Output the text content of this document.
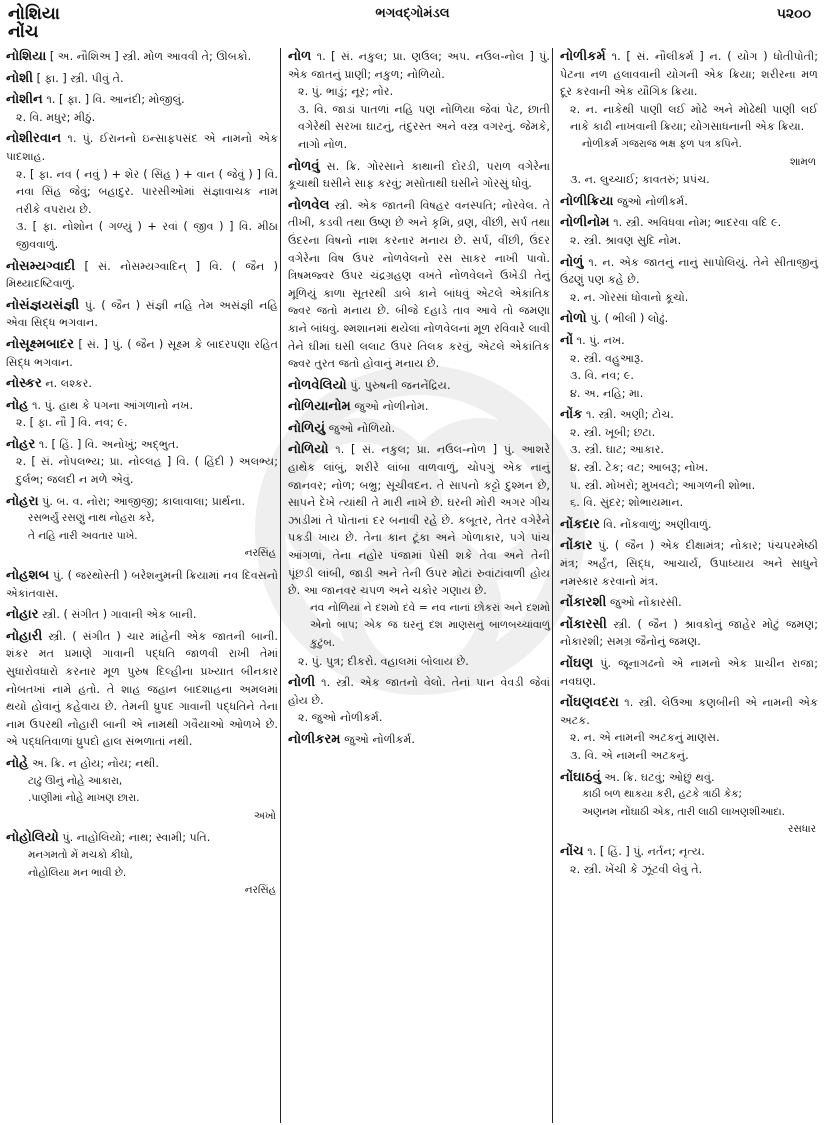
નોશિયા
નોંચ
ભગવદ્ગોમંડલ	૫૨૦૦
નોશિયા [ અ. નૌશિઅ ] સ્ત્રી. મોળ આવવી તે; ઊબકો.
નોશી [ ફા. ] સ્ત્રી. પીવું તે.
નોશીન ૧. [ ફા. ] વિ. આનંદી; મોજીલું.
૨. વિ. મધુર; મીઠું.
નોશીરવાન ૧. પું. ઈરાનનો ઇન્સાફપસંદ એ નામનો એક પાદશાહ.
૨. [ ફા. નવ ( નવું ) + શેર ( સિંહ ) + વાન ( જેવું ) ] વિ. નવા સિંહ જેવું; બહાદુર. પારસીઓમાં સંજ્ઞાવાચક નામ તરીકે વપરાય છે.
૩. [ ફા. નોશોન ( ગળ્યું ) + રવાં ( જીવ ) ] વિ. મીઠા જીવવાળું.
નોસમ્યગ્વાદી [ સં. નોસમ્યગ્વાદિન્ ] વિ. ( જૈન ) મિથ્યાદષ્ટિવાળું.
નોસંજ્ઞયસંજ્ઞી પું. ( જૈન ) સંજ્ઞી નહિ તેમ અસંજ્ઞી નહિ એવા સિદ્ધ ભગવાન.
નોસૂક્ષ્મબાદર [ સં. ] પું. ( જૈન ) સૂક્ષ્મ કે બાદરપણા રહિત સિદ્ધ ભગવાન.
નોસ્કર ન. લશ્કર.
નોહ ૧. પું. હાથ કે પગના આંગળાનો નખ.
૨. [ ફા. નૌ ] વિ. નવ; ૯.
નોહર ૧. [ હિં. ] વિ. અનોખું; અદ્ભુત.
૨. [ સં. નોપલભ્ય; પ્રા. નોલ્લહ ] વિ. ( હિંદી ) અલભ્ય; દુર્લભ; જલદી ન મળે એવું.
નોહરા પું. બ. વ. નોરા; આજીજી; કાલાવાલા; પ્રાર્થના.
રસભર્યું રસણું નાથ નોહરા કરે,
તે નહિ નારી અવતાર પાખે.
નરસિંહ
નોહશબ પું. ( જરથોસ્તી ) બરેશનુમની ક્રિયામાં નવ દિવસનો એકાંતવાસ.
નોહાર સ્ત્રી. ( સંગીત ) ગાવાની એક બાની.
નોહારી સ્ત્રી. ( સંગીત ) ચાર માંહેની એક જાતની બાની. શંકર મત પ્રમાણે ગાવાની પદ્ધતિ જાળવી રાખી તેમાં સુધારોવધારો કરનાર મૂળ પુરુષ દિલ્હીના પ્રખ્યાત બીનકાર નોબતખાં નામે હતો. તે શાહ જહાન બાદશાહના અમલમાં થયો હોવાનું કહેવાય છે. તેમની ધ્રુપદ ગાવાની પદ્ધતિને તેના નામ ઉપરથી નોહારી બાની એ નામથી ગવૈયાઓ ઓળખે છે. એ પદ્ધતિવાળાં ધ્રુપદો હાલ સંભળાતાં નથી.
નોહે અ. ક્રિ. ન હોય; નોય; નથી.
ટાઢું ઊનું નોહે આકારા,
.પાણીમાં નોહે માખણ છારા.
અખો
નોહોલિયો પું. નાહોલિયો; નાથ; સ્વામી; પતિ.
મનગમતો મેં મચકો કીધો,
નોહોલિયા મન ભાવી છે.
નરસિંહ
નોળ ૧. [ સં. નકુલ; પ્રા. ણઉલ; અપ. નઉલ-નોલ ] પું. એક જાતનું પ્રાણી; નકુળ; નોળિયો.
૨. પું. ભાડું; નૂર; નોર.
૩. વિ. જાડાં પાતળાં નહિ પણ નોળિયા જેવાં પેટ, છાતી વગેરેથી સરખા ઘાટનું, તંદુરસ્ત અને વસ્ત્ર વગરનું. જેમકે, નાગો નોળ.
નોળવું સ. ક્રિ. ગોરસાને કાથાની દોરડી, પરાળ વગેરેના કૂચાથી ઘસીને સાફ કરવું; મસોતાથી ઘસીને ગોરસું ધોવું.
નોળવેલ સ્ત્રી. એક જાતની વિષહર વનસ્પતિ; નોરવેલ. તે તીખી, કડવી તથા ઉષ્ણ છે અને કૃમિ, વ્રણ, વીંછી, સર્પ તથા ઉંદરના વિષનો નાશ કરનાર મનાય છે. સર્પ, વીંછી, ઉંદર વગેરેના વિષ ઉપર નોળવેલનો રસ સાકર નાખી પાવો. ત્રિષમજ્વર ઉપર ચંદ્રગ્રહણ વખતે નોળવેલને ઉખેડી તેનું મૂળિયું કાળા સૂતરથી ડાબે કાને બાંધવું એટલે એકાંતિક જ્વર જતો મનાય છે. બીજે દહાડે તાવ આવે તો જમણા કાને બાંધવું. શ્મશાનમાં થયેલાં નોળવેલનાં મૂળ રવિવારે લાવી તેને ઘીમાં ઘસી લલાટ ઉપર તિલક કરવું, એટલે એકાંતિક જ્વર તુરત જતો હોવાનું મનાય છે.
નોળવેલિયો પું. પુરુષની જનનેંદ્રિય.
નોળિયાનોમ જુઓ નોળીનોમ.
નોળિયું જુઓ નોળિયો.
નોળિયો ૧. [ સં. નકુલ; પ્રા. નઉલ-નોળ ] પું. આશરે હાથેક લાંબું, શરીરે લાંબા વાળવાળું, ચોપગું એક નાનું જાનવર; નોળ; બભ્રુ; સૂચીવદન. તે સાપનો કટ્ટો દુશ્મન છે, સાપને દેખે ત્યાંથી તે મારી નાખે છે. ઘરની મોરી અગર ગીચ ઝાડીમાં તે પોતાનાં દર બનાવી રહે છે. કબૂતર, તેતર વગેરેને પકડી ખાય છે. તેના કાન ટૂંકા અને ગોળાકાર, પગે પાંચ આંગળાં, તેના નહોર પંજામાં પેસી શકે તેવા અને તેની પૂંછડી લાંબી, જાડી અને તેની ઉપર મોટાં રુવાંટાંવાળી હોય છે. આ જાનવર ચપળ અને ચકોર ગણાય છે.
નવ નોળિયાં ને દશમો દવે = નવ નાનાં છોકરાં અને દશમો એનો બાપ; એક જ ઘરનું દશ માણસનું બાળબચ્ચાંવાળું કુટુંબ.
૨. પું. પુત્ર; દીકરો. વહાલમાં બોલાય છે.
નોળી ૧. સ્ત્રી. એક જાતનો વેલો. તેનાં પાન વેવડી જેવાં હોય છે.
૨. જુઓ નોળીકર્મ.
નોળીકરમ જુઓ નોળીકર્મ.
નોળીકર્મ ૧. [ સં. નૌલીકર્મ ] ન. ( યોગ ) ધોતીપોતી; પેટના નળ હલાવવાની યોગની એક ક્રિયા; શરીરના મળ દૂર કરવાની એક યૌગિક ક્રિયા.
૨. ન. નાકેથી પાણી લઈ મોઢે અને મોઢેથી પાણી લઈ નાકે કાઢી નાખવાની ક્રિયા; યોગસાધનાની એક ક્રિયા.
નોળીકર્મ ગજરાજ ભક્ષ ફળ પત્ર કપિને.
શામળ
૩. ન. લુચ્ચાઈ; કાવતરું; પ્રપંચ.
નોળીક્રિયા જુઓ નોળીકર્મ.
નોળીનોમ ૧. સ્ત્રી. અવિધવા નોમ; ભાદરવા વદિ ૯.
૨. સ્ત્રી. શ્રાવણ સુદિ નોમ.
નોળું ૧. ન. એક જાતનું નાનું સાપોલિયું. તેને સીતાજીનું ઉંઢણું પણ કહે છે.
૨. ન. ગોરસાં ધોવાનો કૂચો.
નોળો પું. ( ભીલી ) લોઢું.
નોં ૧. પું. નખ.
૨. સ્ત્રી. વહુઆરૂ.
૩. વિ. નવ; ૯.
૪. અ. નહિ; મા.
નોંક ૧. સ્ત્રી. અણી; ટોચ.
૨. સ્ત્રી. ખૂબી; છટા.
૩. સ્ત્રી. ઘાટ; આકાર.
૪. સ્ત્રી. ટેક; વટ; આબરૂ; નોખ.
૫. સ્ત્રી. મોખરો; મુખવટો; આગળની શોભા.
૬. વિ. સુંદર; શોભાયમાન.
નોંકદાર વિ. નોંકવાળું; અણીવાળું.
નોંકાર પું. ( જૈન ) એક દીક્ષામંત્ર; નોકાર; પંચપરમેષ્ઠી મંત્ર; અર્હંત, સિદ્ધ, આચાર્ય, ઉપાધ્યાય અને સાધુને નમસ્કાર કરવાનો મંત્ર.
નોંકારશી જુઓ નોંકારસી.
નોંકારસી સ્ત્રી. ( જૈન ) શ્રાવકોનું જાહેર મોટું જમણ; નોકારશી; સમગ્ર જૈનોનું જમણ.
નોંઘણ પું. જૂનાગઢનો એ નામનો એક પ્રાચીન રાજા; નવઘણ.
નોંઘણવદરા ૧. સ્ત્રી. લેઉઆ કણબીની એ નામની એક અટક.
૨. ન. એ નામની અટકનું માણસ.
૩. વિ. એ નામની અટકનું.
નોંઘાઠવું અ. ક્રિ. ઘટવું; ઓછું થવું.
કાઠી બળ થાકયા કરી, હટકે ત્રાઠી કેક;
અણનમ નોંઘાઠી એક, તારી લાઠી લાખણશીઆદા.
રસધાર
નોંચ ૧. [ હિં. ] પું. નર્તન; નૃત્ય.
૨. સ્ત્રી. ખેંચી કે ઝૂંટવી લેવું તે.
